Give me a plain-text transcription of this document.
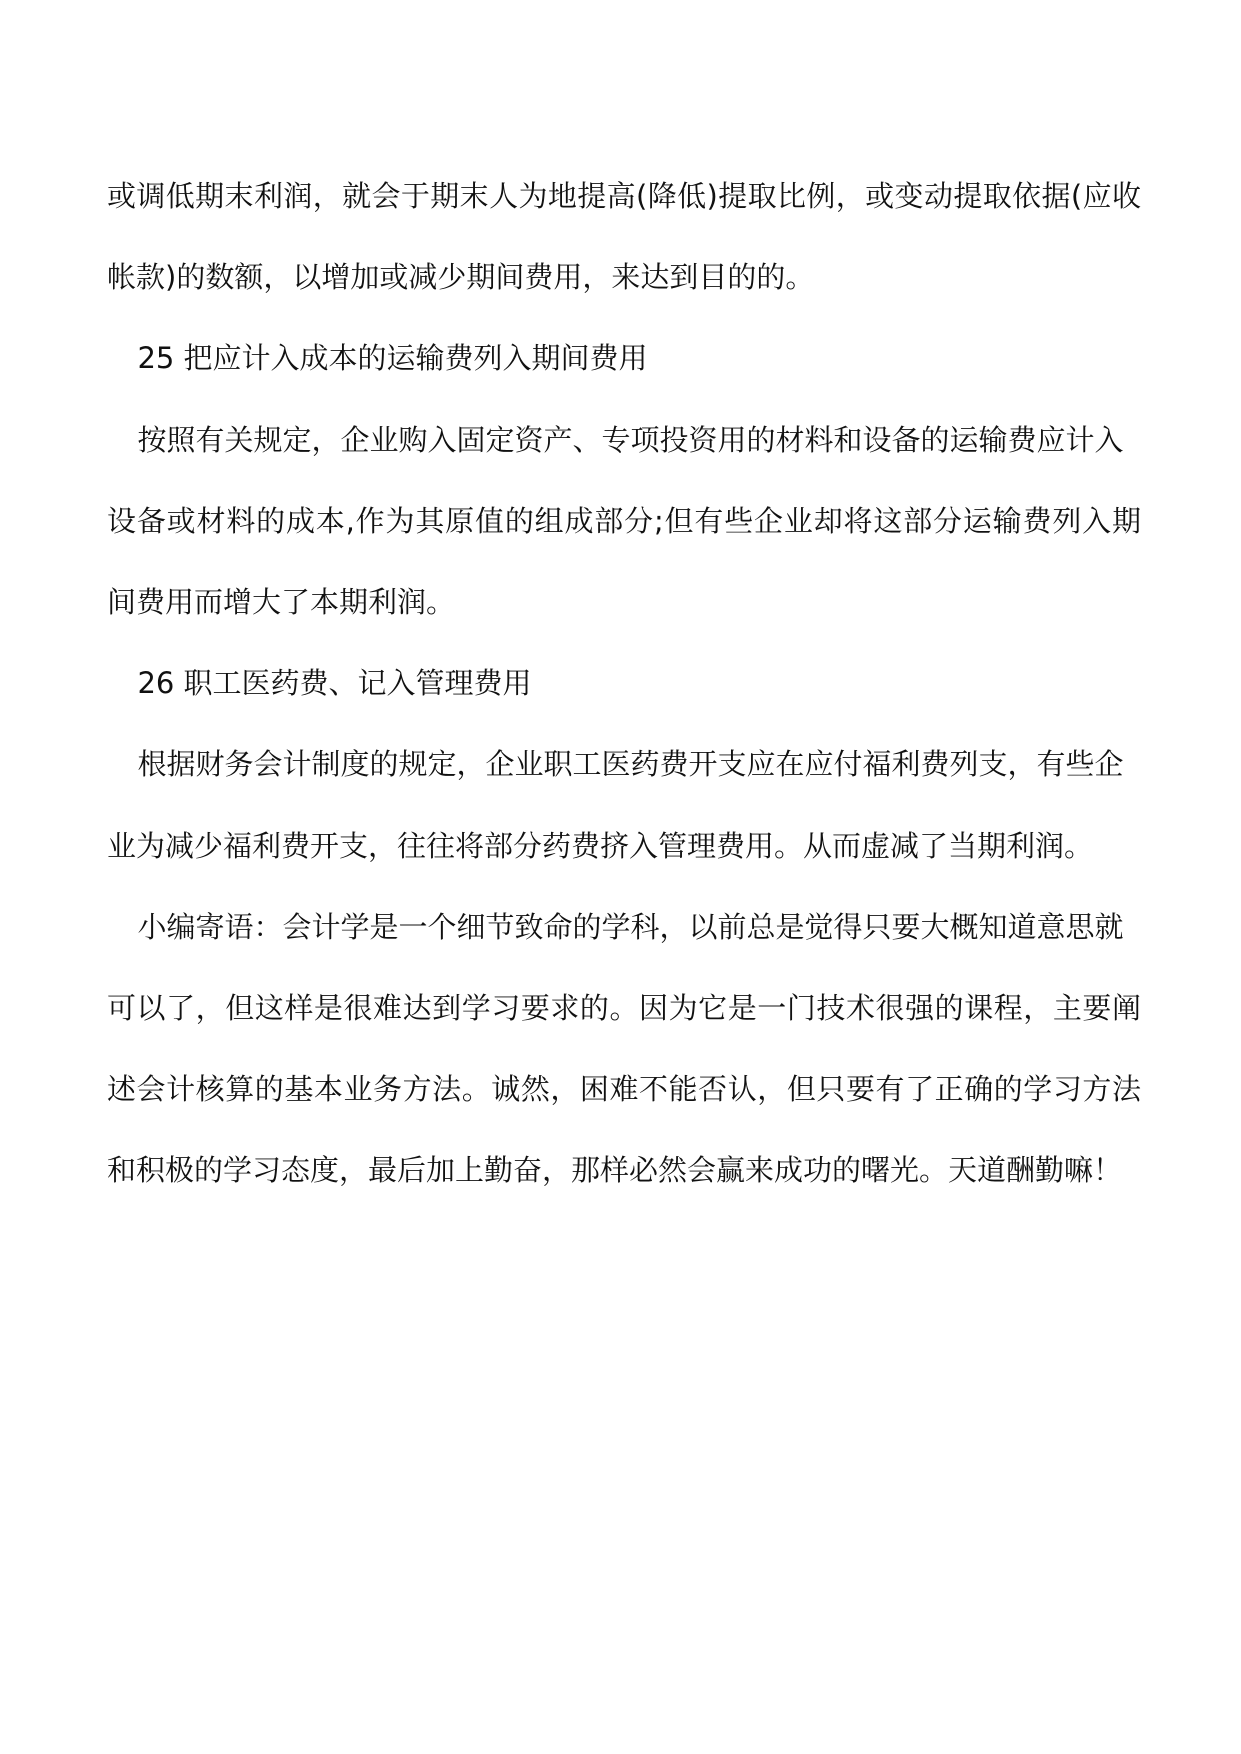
或调低期末利润，就会于期末人为地提高(降低)提取比例，或变动提取依据(应收
帐款)的数额，以增加或减少期间费用，来达到目的的。
25 把应计入成本的运输费列入期间费用
按照有关规定，企业购入固定资产、专项投资用的材料和设备的运输费应计入
设备或材料的成本,作为其原值的组成部分;但有些企业却将这部分运输费列入期
间费用而增大了本期利润。
26 职工医药费、记入管理费用
根据财务会计制度的规定，企业职工医药费开支应在应付福利费列支，有些企
业为减少福利费开支，往往将部分药费挤入管理费用。从而虚减了当期利润。
小编寄语：会计学是一个细节致命的学科，以前总是觉得只要大概知道意思就
可以了，但这样是很难达到学习要求的。因为它是一门技术很强的课程，主要阐
述会计核算的基本业务方法。诚然，困难不能否认，但只要有了正确的学习方法
和积极的学习态度，最后加上勤奋，那样必然会赢来成功的曙光。天道酬勤嘛！
